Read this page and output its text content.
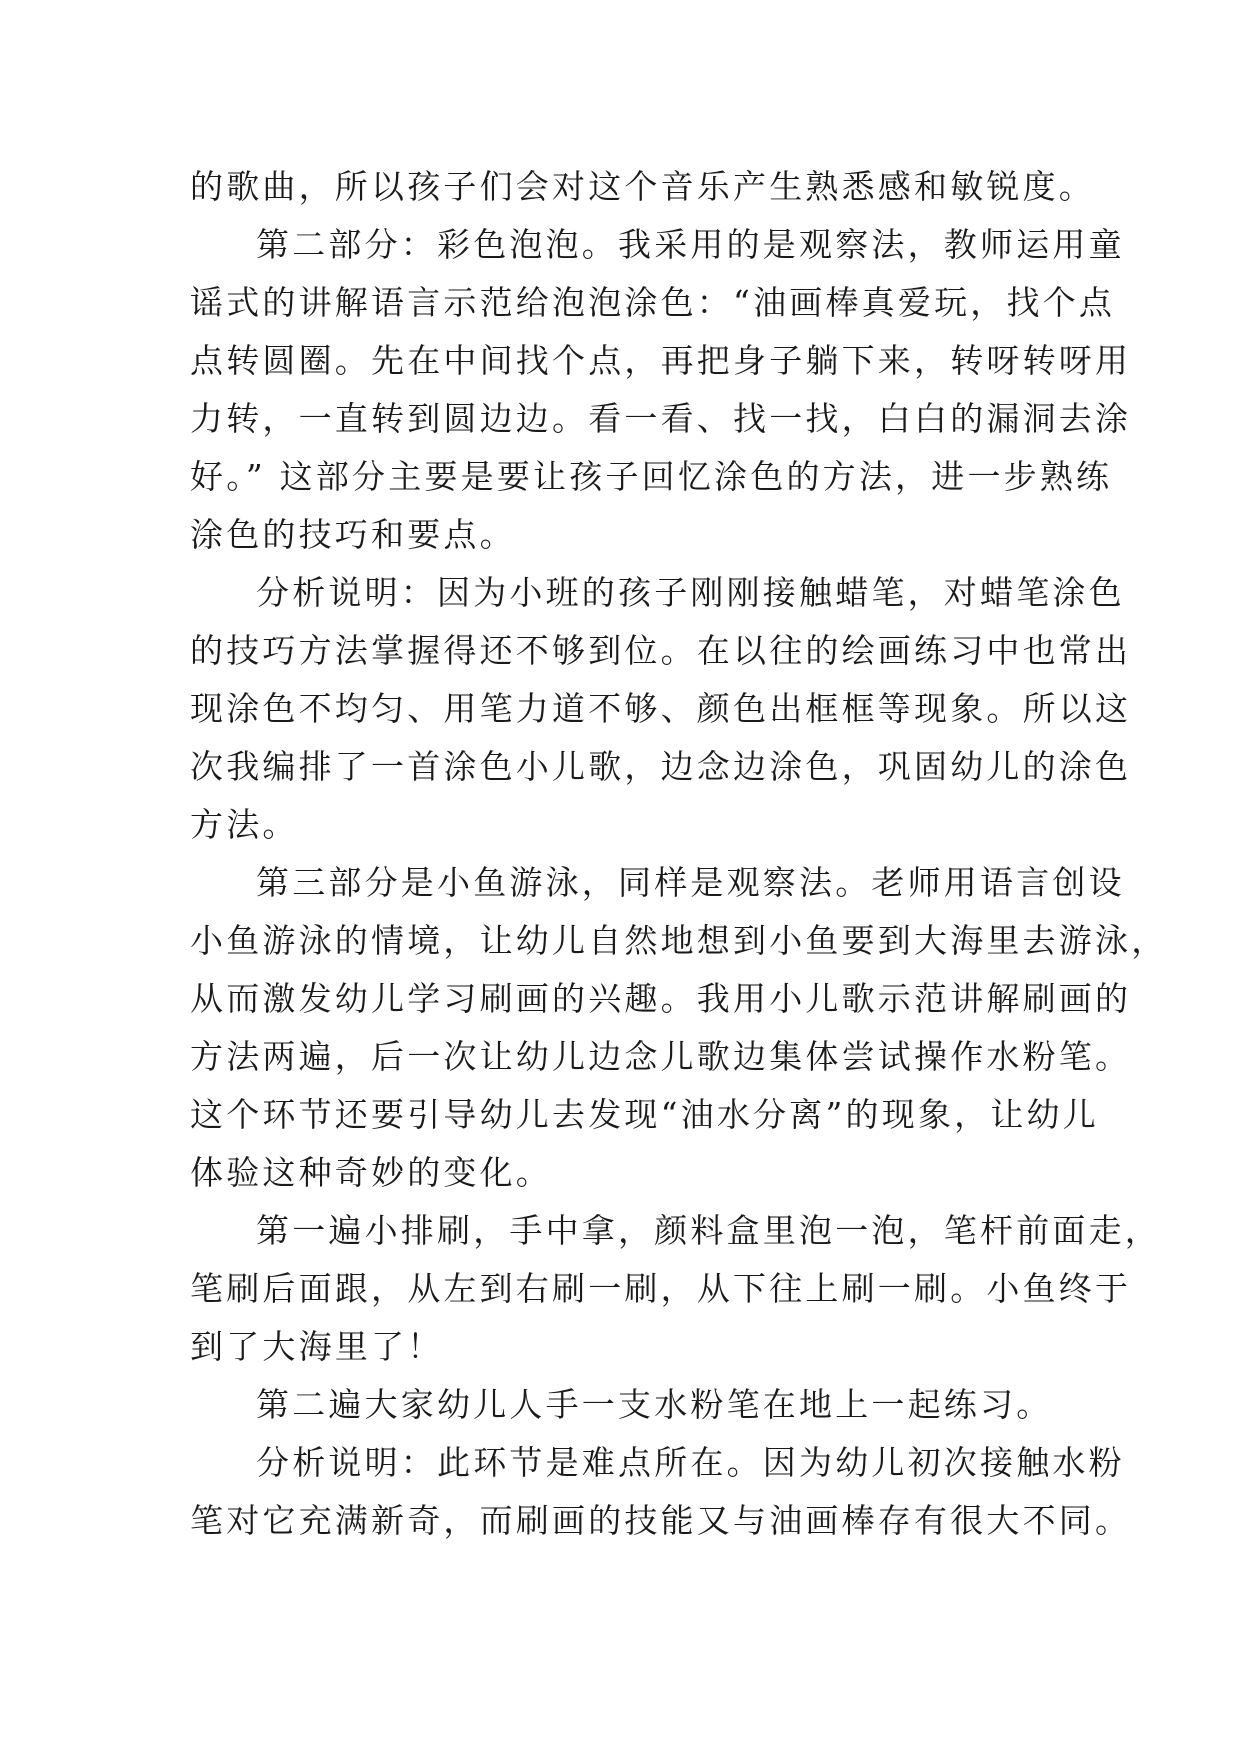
的歌曲，所以孩子们会对这个音乐产生熟悉感和敏锐度。
第二部分：彩色泡泡。我采用的是观察法，教师运用童
谣式的讲解语言示范给泡泡涂色：“油画棒真爱玩，找个点
点转圆圈。先在中间找个点，再把身子躺下来，转呀转呀用
力转，一直转到圆边边。看一看、找一找，白白的漏洞去涂
好。” 这部分主要是要让孩子回忆涂色的方法，进一步熟练
涂色的技巧和要点。
分析说明：因为小班的孩子刚刚接触蜡笔，对蜡笔涂色
的技巧方法掌握得还不够到位。在以往的绘画练习中也常出
现涂色不均匀、用笔力道不够、颜色出框框等现象。所以这
次我编排了一首涂色小儿歌，边念边涂色，巩固幼儿的涂色
方法。
第三部分是小鱼游泳，同样是观察法。老师用语言创设
小鱼游泳的情境，让幼儿自然地想到小鱼要到大海里去游泳，
从而激发幼儿学习刷画的兴趣。我用小儿歌示范讲解刷画的
方法两遍，后一次让幼儿边念儿歌边集体尝试操作水粉笔。
这个环节还要引导幼儿去发现“油水分离”的现象，让幼儿
体验这种奇妙的变化。
第一遍小排刷，手中拿，颜料盒里泡一泡，笔杆前面走，
笔刷后面跟，从左到右刷一刷，从下往上刷一刷。小鱼终于
到了大海里了！
第二遍大家幼儿人手一支水粉笔在地上一起练习。
分析说明：此环节是难点所在。因为幼儿初次接触水粉
笔对它充满新奇，而刷画的技能又与油画棒存有很大不同。
